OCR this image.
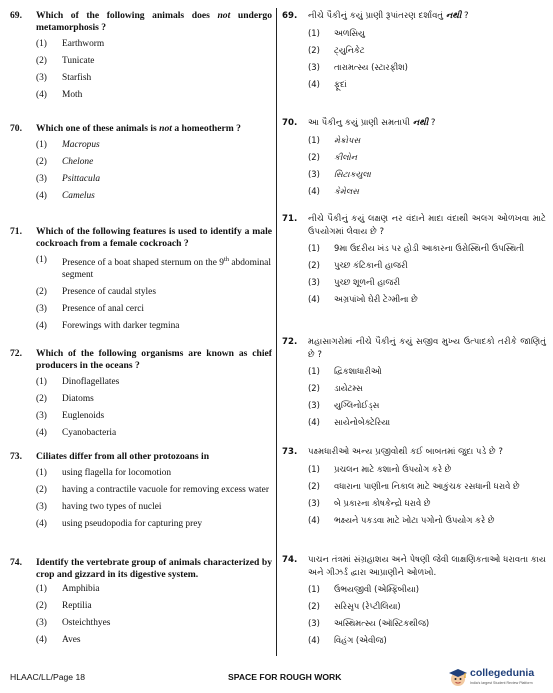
69.	Which of the following animals does not undergo metamorphosis ?
(1)	Earthworm
(2)	Tunicate
(3)	Starfish
(4)	Moth
70.	Which one of these animals is not a homeotherm ?
(1)	Macropus
(2)	Chelone
(3)	Psittacula
(4)	Camelus
71.	Which of the following features is used to identify a male cockroach from a female cockroach ?
(1)	Presence of a boat shaped sternum on the 9th abdominal segment
(2)	Presence of caudal styles
(3)	Presence of anal cerci
(4)	Forewings with darker tegmina
72.	Which of the following organisms are known as chief producers in the oceans ?
(1)	Dinoflagellates
(2)	Diatoms
(3)	Euglenoids
(4)	Cyanobacteria
73.	Ciliates differ from all other protozoans in
(1)	using flagella for locomotion
(2)	having a contractile vacuole for removing excess water
(3)	having two types of nuclei
(4)	using pseudopodia for capturing prey
74.	Identify the vertebrate group of animals characterized by crop and gizzard in its digestive system.
(1)	Amphibia
(2)	Reptilia
(3)	Osteichthyes
(4)	Aves
69.	નીચે પૈકીનું કયું પ્રાણી રૂપાંતરણ દર્શાવતું નથી ?
(1)	અળસિયુ
(2)	ટ્યુનિકેટ
(3)	તારામત્સ્ય (સ્ટારફીશ)
(4)	ફૂદાં
70.	આ પૈકીનુ કયું પ્રાણી સમતાપી નથી ?
(1)	મેક્રોપસ
(2)	કીલોન
(3)	સિટાકયુલા
(4)	કેમેલસ
71.	નીચે પૈકીનું કયું લક્ષણ નર વંદાને માદા વંદાથી અલગ ઓળખવા માટે ઉપયોગમાં લેવાય છે ?
(1)	9મા ઉદરીય ખંડ પર હોડી આકારના ઉરોસ્થિની ઉપસ્થિતી
(2)	પુચ્છ કંટિકાની હાજરી
(3)	પુચ્છ શૂળની હાજરી
(4)	અગ્રપાંખો ઘેરી ટેગ્મીના છે
72.	મહાસાગરોમાં નીચે પૈકીનું કયું સજીવ મુખ્ય ઉત્પાદકો તરીકે જાણિતું છે ?
(1)	દ્વિકશાધારીઓ
(2)	ડાયેટમ્સ
(3)	યુગ્લિનોઈડ્સ
(4)	સાયેનોબેક્ટેરિયા
73.	પક્ષ્મધારીઓ અન્ય પ્રજીવોથી કઈ બાબતમાં જુદા પડે છે ?
(1)	પ્રચલન માટે કશાનો ઉપયોગ કરે છે
(2)	વધારાના પાણીના નિકાલ માટે આકુંચક રસધાની ધરાવે છે
(3)	બે પ્રકારના કોષકેન્દ્રો ધરાવે છે
(4)	ભક્ષ્યને પકડવા માટે ખોટા પગોનો ઉપયોગ કરે છે
74.	પાચન તંત્રમાં સંગ્રહાશય અને પેષણી જેવી લાક્ષણિકતાઓ ધરાવતા કાય અને ગીઝર્ડ દ્વારા આપ્રાણીને ઓળખો.
(1)	ઉભયજીવી (એમ્ફિબીયા)
(2)	સરિસૃપ (રેપ્ટીલિયા)
(3)	અસ્થિમત્સ્ય (ઑસ્ટિકથીજ)
(4)	વિહંગ (એવીજ)
HLAAC/LL/Page 18	SPACE FOR ROUGH WORK	collegedunia
India's largest Student Review Platform
